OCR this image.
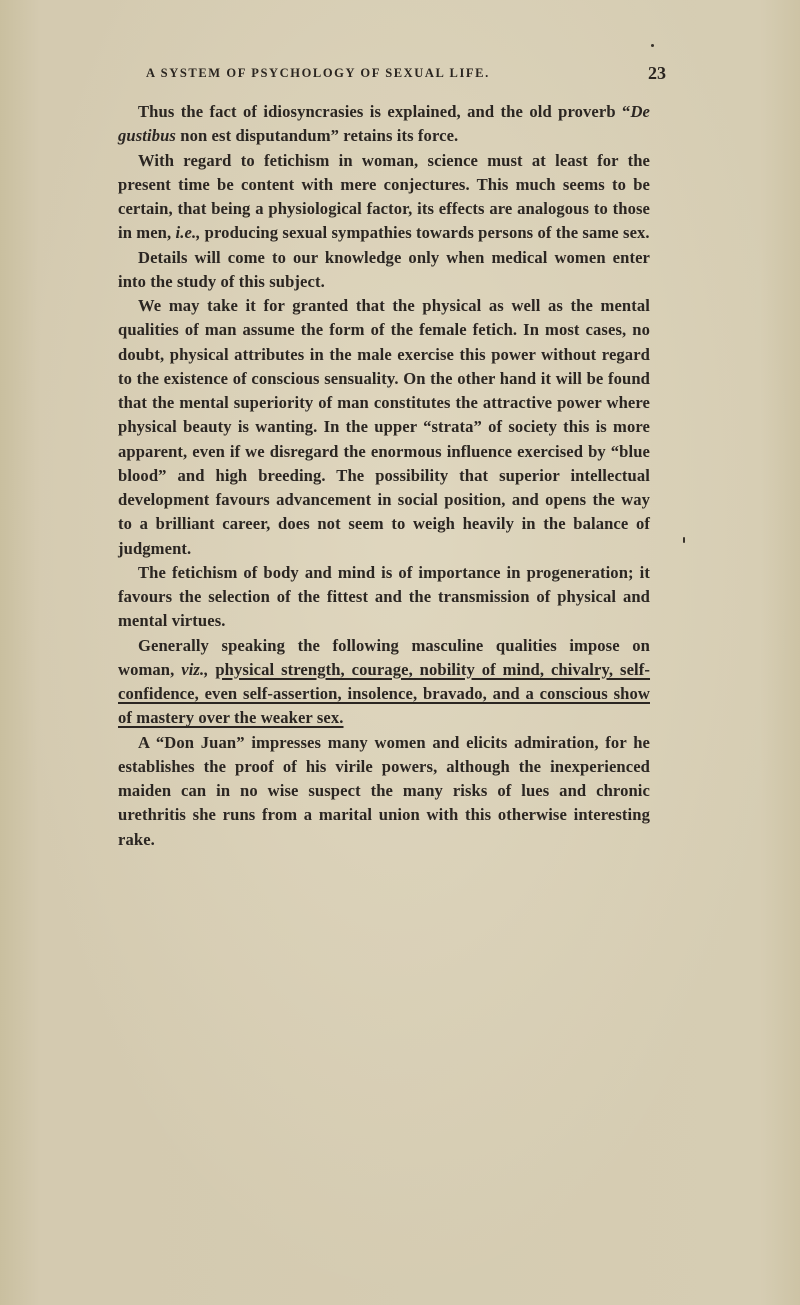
A SYSTEM OF PSYCHOLOGY OF SEXUAL LIFE.	23

Thus the fact of idiosyncrasies is explained, and the old proverb “De gustibus non est disputandum” retains its force.

With regard to fetichism in woman, science must at least for the present time be content with mere conjectures. This much seems to be certain, that being a physiological factor, its effects are analogous to those in men, i.e., producing sexual sympathies towards persons of the same sex.

Details will come to our knowledge only when medical women enter into the study of this subject.

We may take it for granted that the physical as well as the mental qualities of man assume the form of the female fetich. In most cases, no doubt, physical attributes in the male exercise this power without regard to the existence of conscious sensuality. On the other hand it will be found that the mental superiority of man constitutes the attractive power where physical beauty is wanting. In the upper “strata” of society this is more apparent, even if we disregard the enormous influence exercised by “blue blood” and high breeding. The possibility that superior intellectual development favours advancement in social position, and opens the way to a brilliant career, does not seem to weigh heavily in the balance of judgment.

The fetichism of body and mind is of importance in progeneration; it favours the selection of the fittest and the transmission of physical and mental virtues.

Generally speaking the following masculine qualities impose on woman, viz., physical strength, courage, nobility of mind, chivalry, self-confidence, even self-assertion, insolence, bravado, and a conscious show of mastery over the weaker sex.

A “Don Juan” impresses many women and elicits admiration, for he establishes the proof of his virile powers, although the inexperienced maiden can in no wise suspect the many risks of lues and chronic urethritis she runs from a marital union with this otherwise interesting rake.
